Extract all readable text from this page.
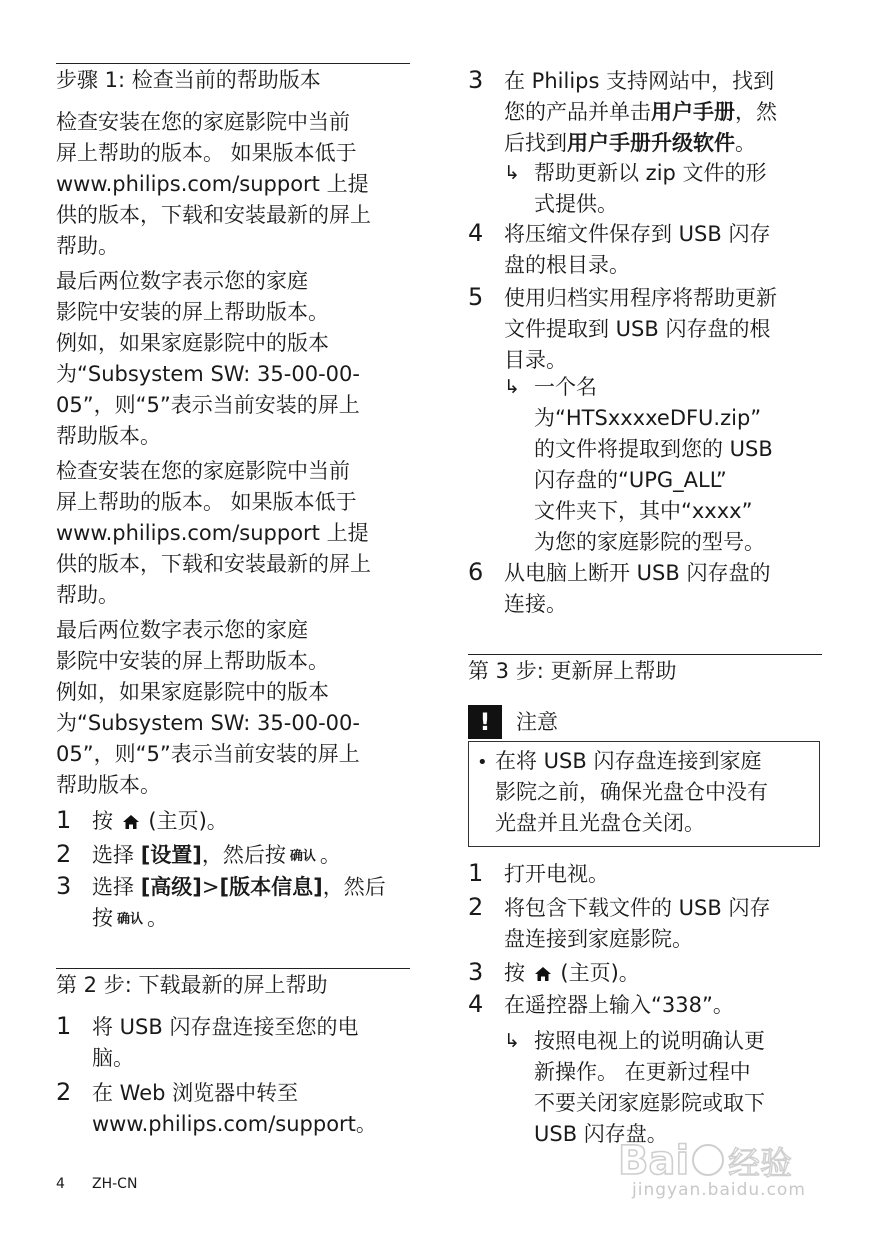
步骤 1: 检查当前的帮助版本
检查安装在您的家庭影院中当前
屏上帮助的版本。 如果版本低于
www.philips.com/support 上提
供的版本，下载和安装最新的屏上
帮助。
最后两位数字表示您的家庭
影院中安装的屏上帮助版本。
例如，如果家庭影院中的版本
为“Subsystem SW: 35-00-00-
05”，则“5”表示当前安装的屏上
帮助版本。
检查安装在您的家庭影院中当前
屏上帮助的版本。 如果版本低于
www.philips.com/support 上提
供的版本，下载和安装最新的屏上
帮助。
最后两位数字表示您的家庭
影院中安装的屏上帮助版本。
例如，如果家庭影院中的版本
为“Subsystem SW: 35-00-00-
05”，则“5”表示当前安装的屏上
帮助版本。
1 按 (主页)。
2 选择 [设置]，然后按 确认 。
3 选择 [高级]>[版本信息]，然后
按确认 。
第 2 步: 下载最新的屏上帮助
1 将 USB 闪存盘连接至您的电
脑。
2 在 Web 浏览器中转至
www.philips.com/support。
3 在 Philips 支持网站中，找到
您的产品并单击用户手册，然
后找到用户手册升级软件。
↳ 帮助更新以 zip 文件的形
式提供。
4 将压缩文件保存到 USB 闪存
盘的根目录。
5 使用归档实用程序将帮助更新
文件提取到 USB 闪存盘的根
目录。
↳ 一个名
为“HTSxxxxeDFU.zip”
的文件将提取到您的 USB
闪存盘的“UPG_ALL”
文件夹下，其中“xxxx”
为您的家庭影院的型号。
6 从电脑上断开 USB 闪存盘的
连接。
第 3 步: 更新屏上帮助
!	注意
• 在将 USB 闪存盘连接到家庭
影院之前，确保光盘仓中没有
光盘并且光盘仓关闭。
1 打开电视。
2 将包含下载文件的 USB 闪存
盘连接到家庭影院。
3 按 (主页)。
4 在遥控器上输入“338”。
↳ 按照电视上的说明确认更
新操作。 在更新过程中
不要关闭家庭影院或取下
USB 闪存盘。
4 ZH-CN	Bai 经验
jingyan.baidu.com
